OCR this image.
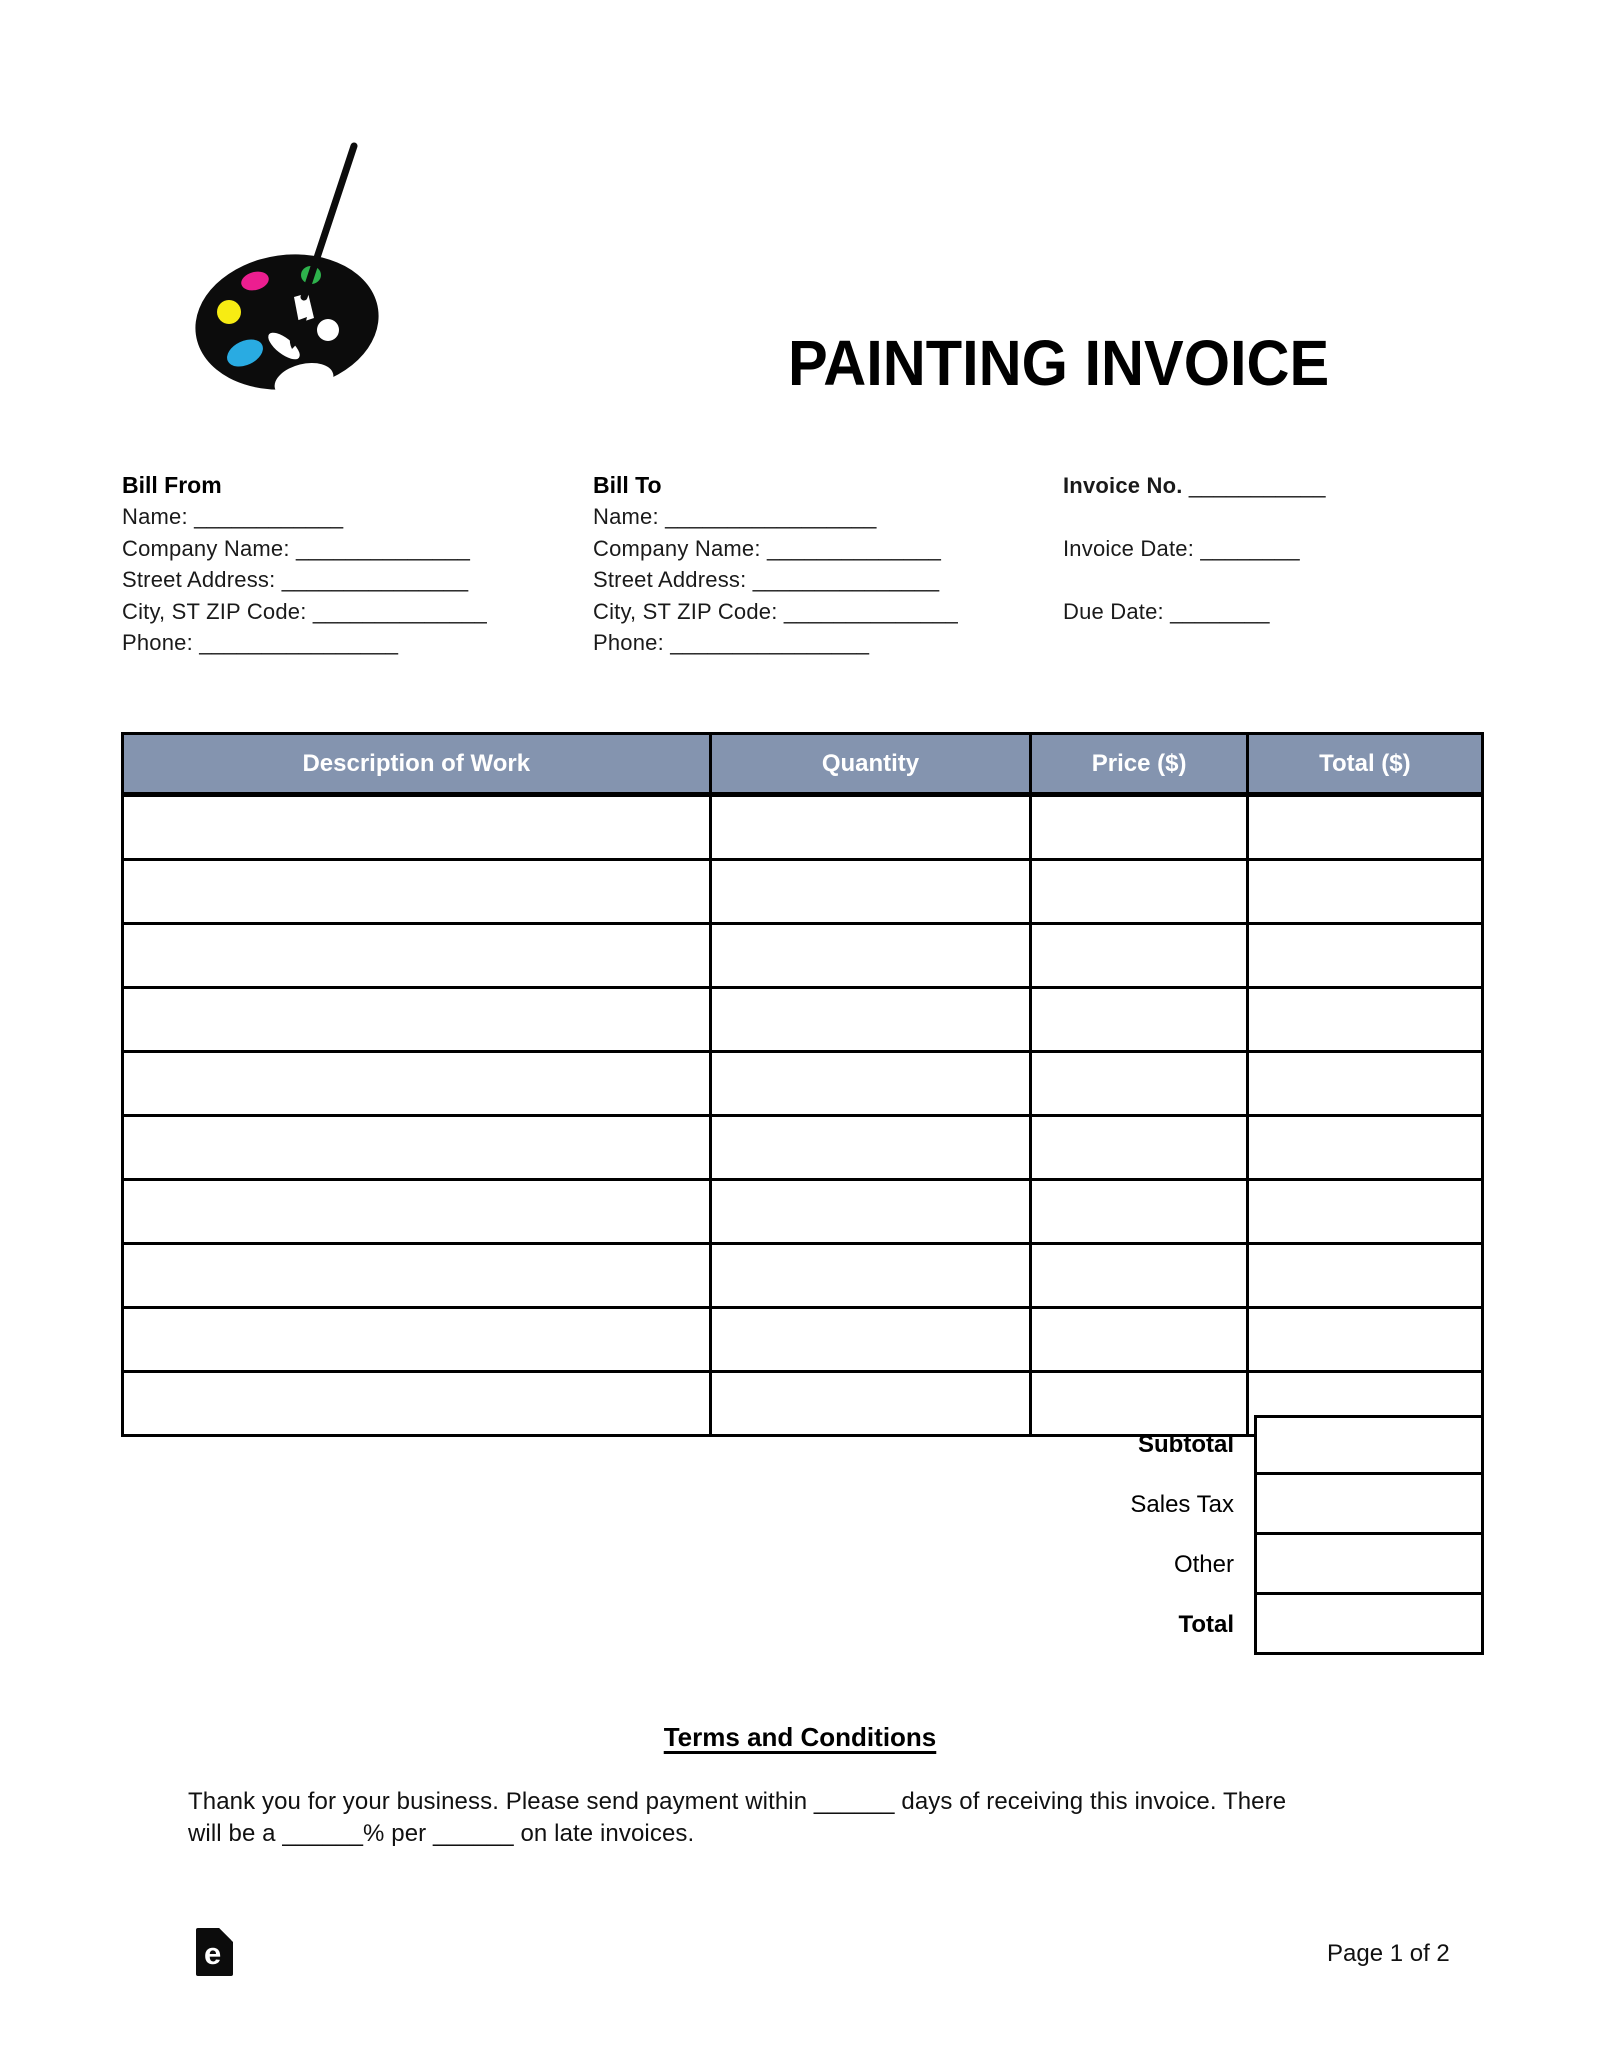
PAINTING INVOICE
Bill From
Name: ____________
Company Name: ______________
Street Address: _______________
City, ST ZIP Code: ______________
Phone: ________________
Bill To
Name: _________________
Company Name: ______________
Street Address: _______________
City, ST ZIP Code: ______________
Phone: ________________
Invoice No. ___________
Invoice Date: ________
Due Date: ________
Description of Work	Quantity	Price ($)	Total ($)

Subtotal
Sales Tax
Other
Total
Terms and Conditions
Thank you for your business. Please send payment within ______ days of receiving this invoice. There
will be a ______% per ______ on late invoices.
e	Page 1 of 2
